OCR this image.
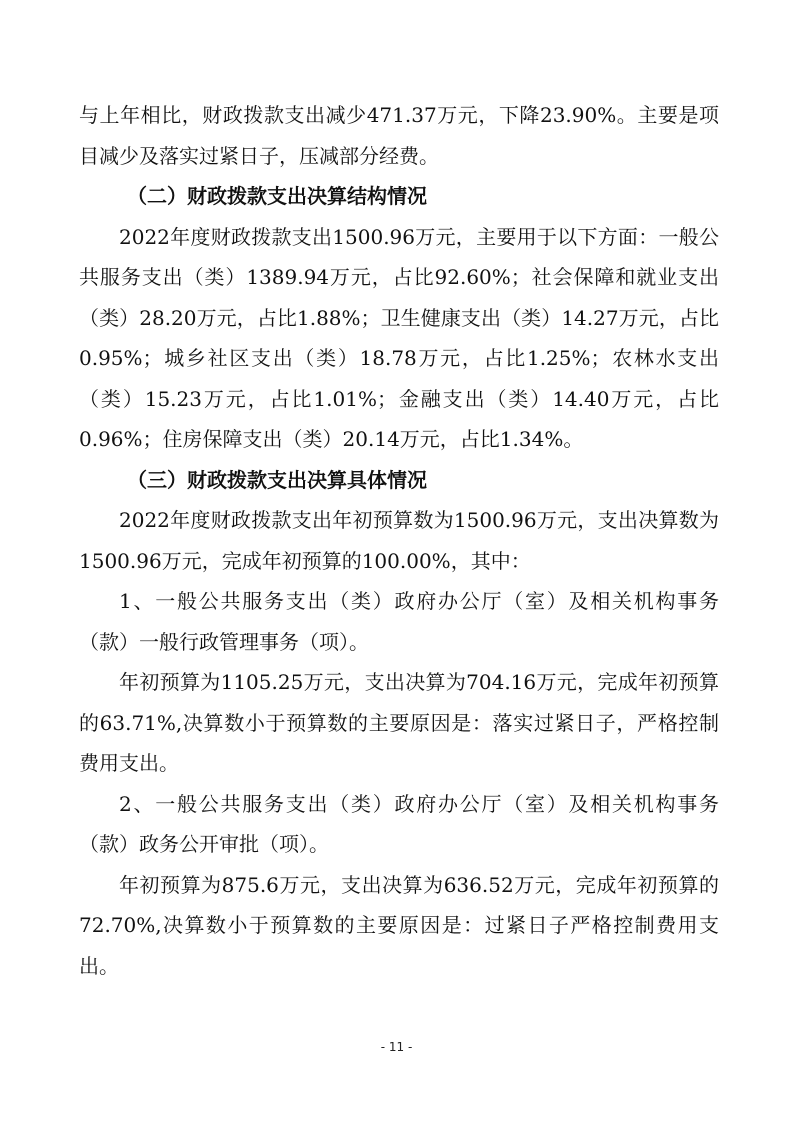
与上年相比，财政拨款支出减少471.37万元，下降23.90%。主要是项目减少及落实过紧日子，压减部分经费。

（二）财政拨款支出决算结构情况

2022年度财政拨款支出1500.96万元，主要用于以下方面：一般公共服务支出（类）1389.94万元，占比92.60%；社会保障和就业支出（类）28.20万元，占比1.88%；卫生健康支出（类）14.27万元，占比0.95%；城乡社区支出（类）18.78万元，占比1.25%；农林水支出（类）15.23万元，占比1.01%；金融支出（类）14.40万元，占比0.96%；住房保障支出（类）20.14万元，占比1.34%。

（三）财政拨款支出决算具体情况

2022年度财政拨款支出年初预算数为1500.96万元，支出决算数为1500.96万元，完成年初预算的100.00%，其中：

1、一般公共服务支出（类）政府办公厅（室）及相关机构事务（款）一般行政管理事务（项）。

年初预算为1105.25万元，支出决算为704.16万元，完成年初预算的63.71%,决算数小于预算数的主要原因是：落实过紧日子，严格控制费用支出。

2、一般公共服务支出（类）政府办公厅（室）及相关机构事务（款）政务公开审批（项）。

年初预算为875.6万元，支出决算为636.52万元，完成年初预算的72.70%,决算数小于预算数的主要原因是：过紧日子严格控制费用支出。

- 11 -
